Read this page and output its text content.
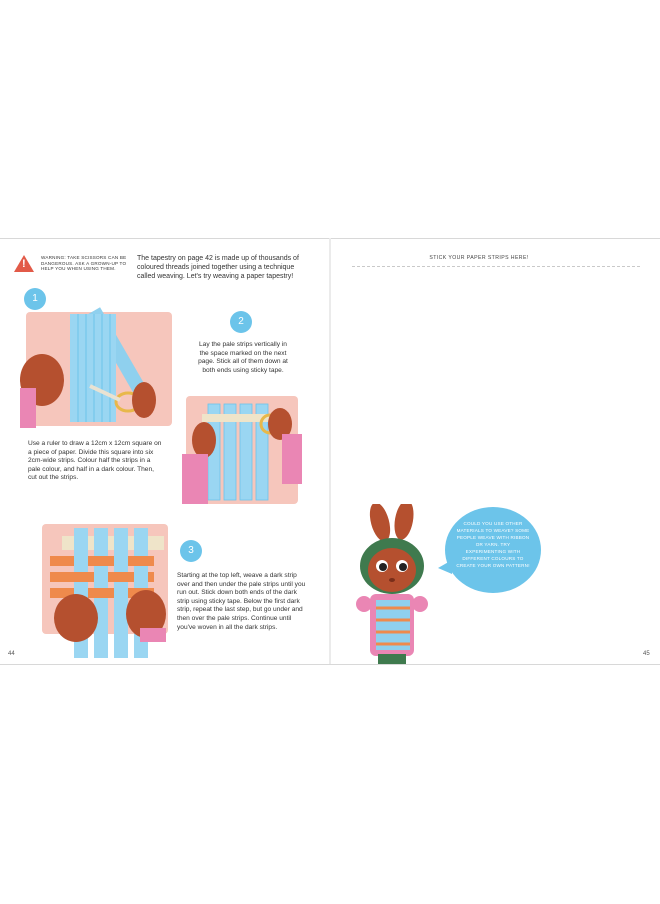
!
WARNING: TAKE SCISSORS CAN BE DANGEROUS. ASK A GROWN-UP TO HELP YOU WHEN USING THEM.
The tapestry on page 42 is made up of thousands of coloured threads joined together using a technique called weaving. Let's try weaving a paper tapestry!
1
Use a ruler to draw a 12cm x 12cm square on a piece of paper. Divide this square into six 2cm-wide strips. Colour half the strips in a pale colour, and half in a dark colour. Then, cut out the strips.
2
Lay the pale strips vertically in the space marked on the next page. Stick all of them down at both ends using sticky tape.
3
Starting at the top left, weave a dark strip over and then under the pale strips until you run out. Stick down both ends of the dark strip using sticky tape. Below the first dark strip, repeat the last step, but go under and then over the pale strips. Continue until you've woven in all the dark strips.
44
STICK YOUR PAPER STRIPS HERE!
COULD YOU USE OTHER MATERIALS TO WEAVE? SOME PEOPLE WEAVE WITH RIBBON OR YARN. TRY EXPERIMENTING WITH DIFFERENT COLOURS TO CREATE YOUR OWN PATTERN!
45
